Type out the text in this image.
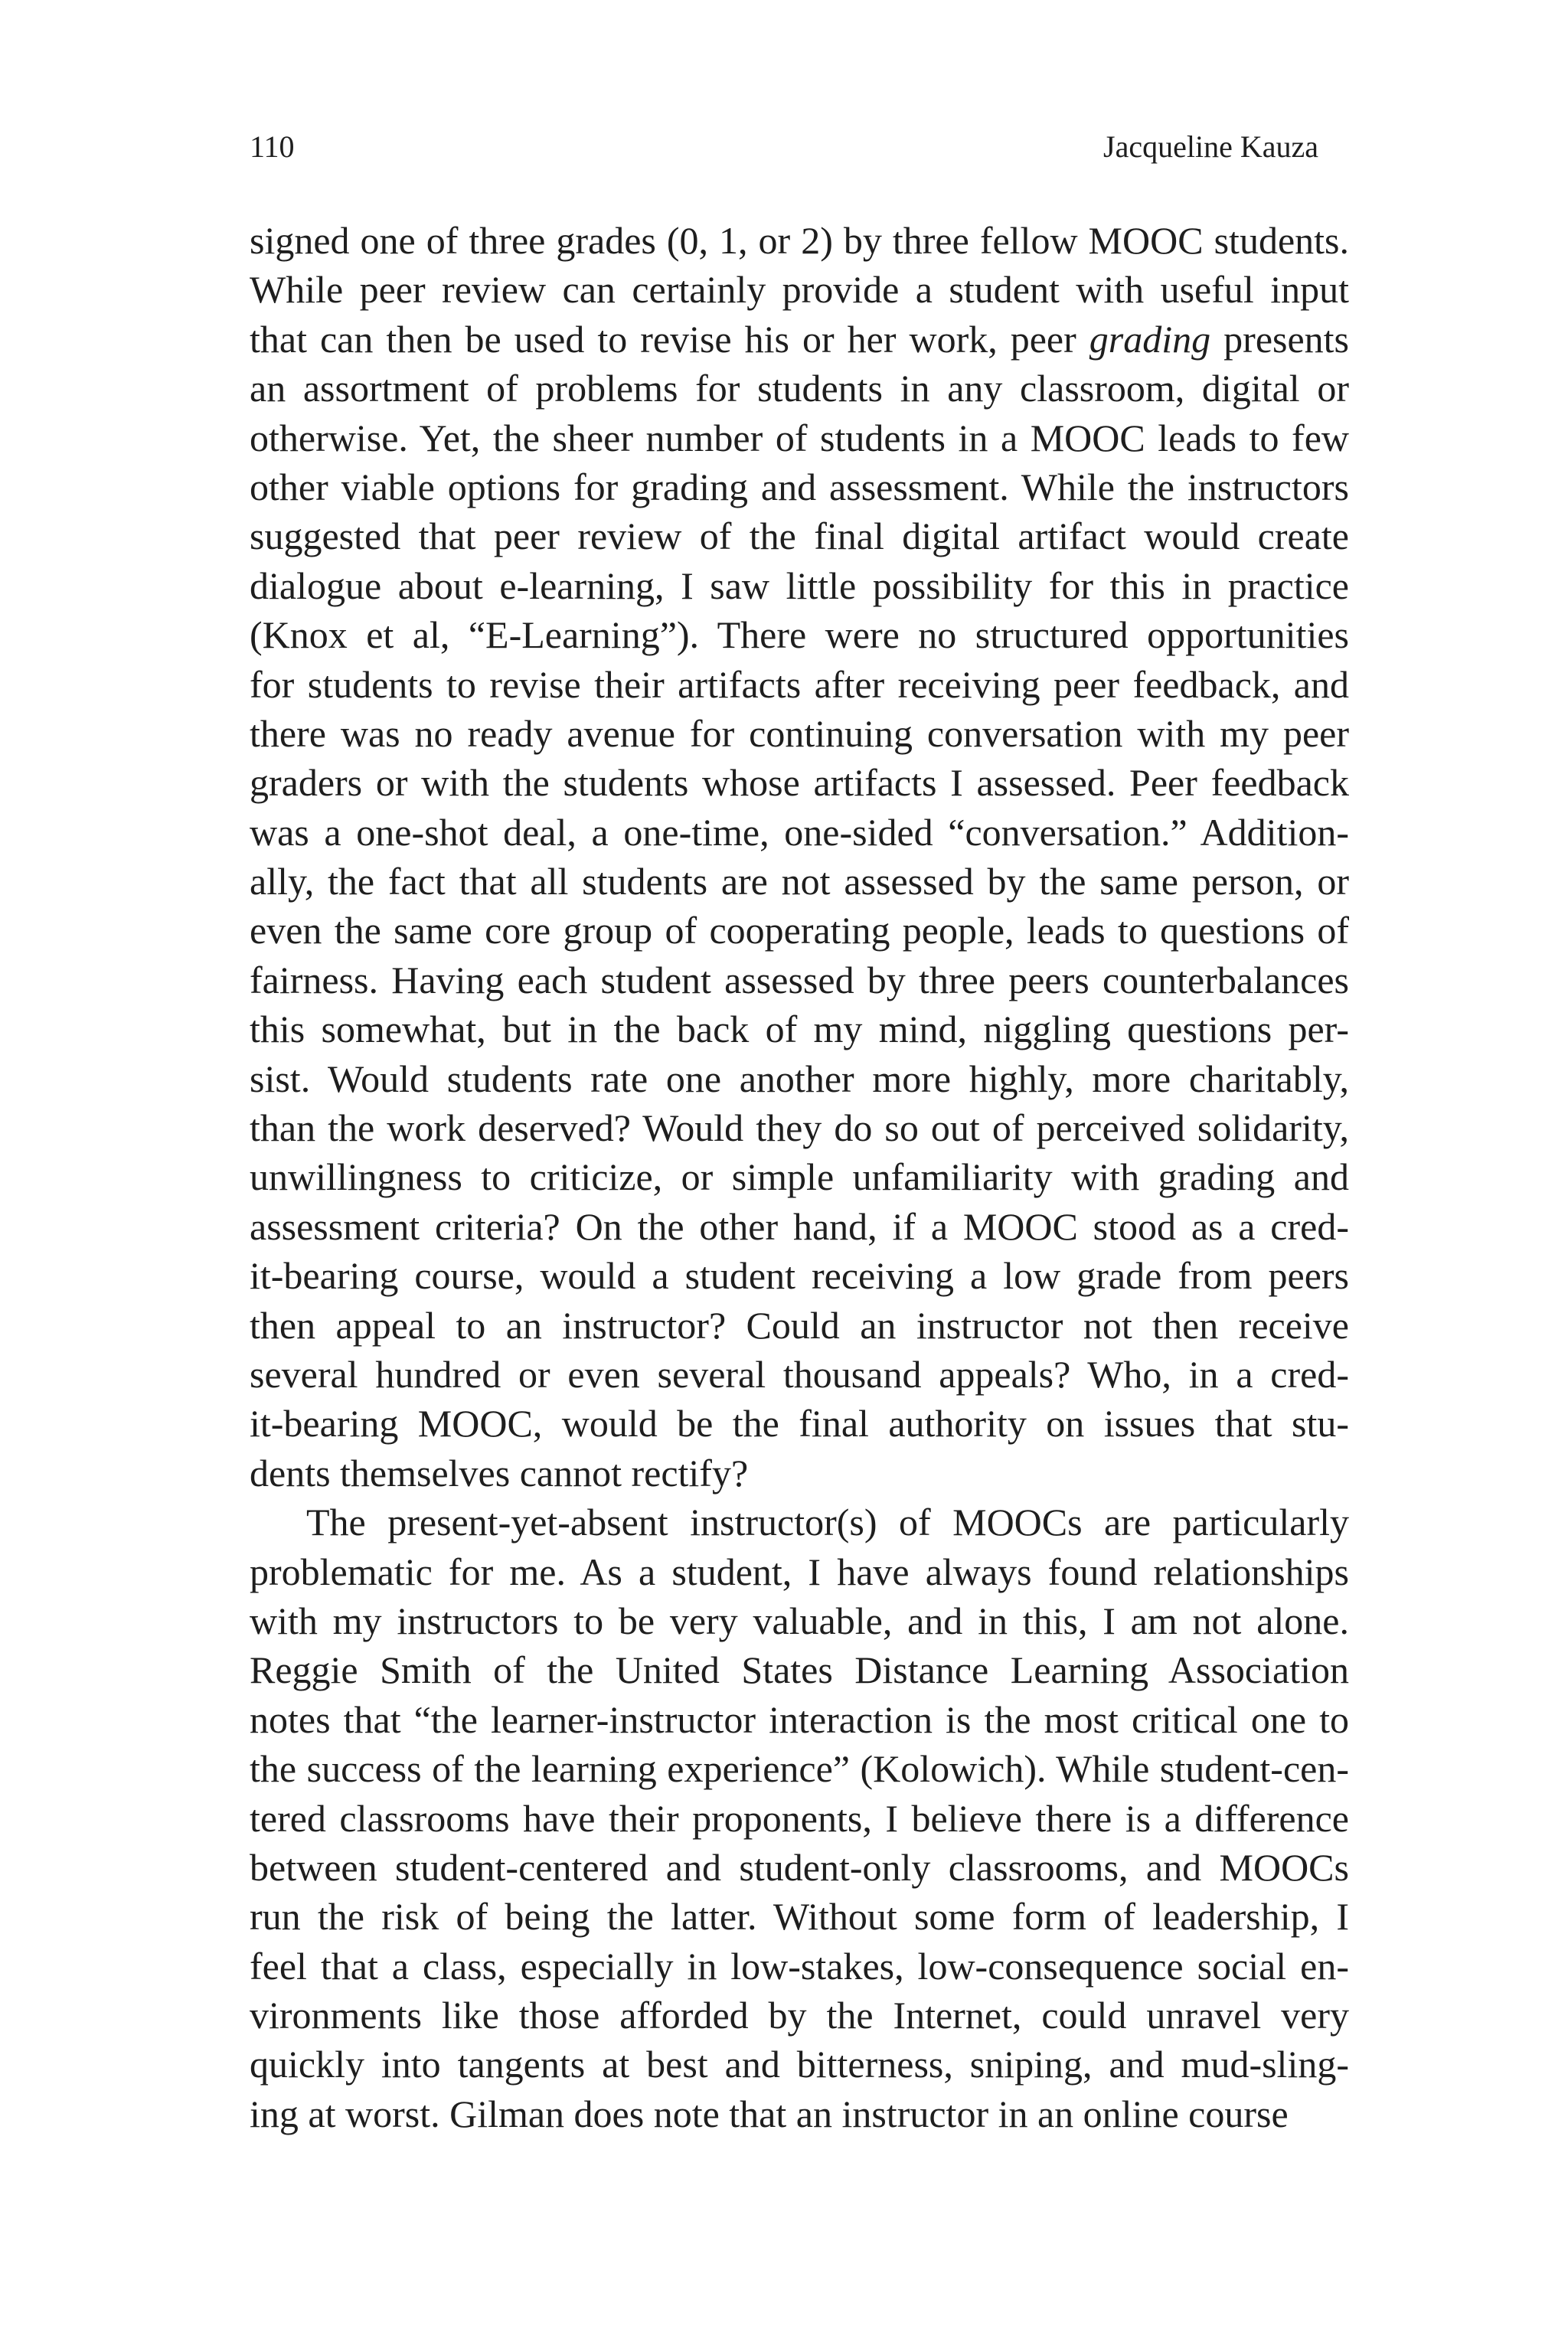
110	Jacqueline Kauza
signed one of three grades (0, 1, or 2) by three fellow MOOC students.
While peer review can certainly provide a student with useful input
that can then be used to revise his or her work, peer grading presents
an assortment of problems for students in any classroom, digital or
otherwise. Yet, the sheer number of students in a MOOC leads to few
other viable options for grading and assessment. While the instructors
suggested that peer review of the final digital artifact would create
dialogue about e-learning, I saw little possibility for this in practice
(Knox et al, “E-Learning”). There were no structured opportunities
for students to revise their artifacts after receiving peer feedback, and
there was no ready avenue for continuing conversation with my peer
graders or with the students whose artifacts I assessed. Peer feedback
was a one-shot deal, a one-time, one-sided “conversation.” Addition-
ally, the fact that all students are not assessed by the same person, or
even the same core group of cooperating people, leads to questions of
fairness. Having each student assessed by three peers counterbalances
this somewhat, but in the back of my mind, niggling questions per-
sist. Would students rate one another more highly, more charitably,
than the work deserved? Would they do so out of perceived solidarity,
unwillingness to criticize, or simple unfamiliarity with grading and
assessment criteria? On the other hand, if a MOOC stood as a cred-
it-bearing course, would a student receiving a low grade from peers
then appeal to an instructor? Could an instructor not then receive
several hundred or even several thousand appeals? Who, in a cred-
it-bearing MOOC, would be the final authority on issues that stu-
dents themselves cannot rectify?
The present-yet-absent instructor(s) of MOOCs are particularly
problematic for me. As a student, I have always found relationships
with my instructors to be very valuable, and in this, I am not alone.
Reggie Smith of the United States Distance Learning Association
notes that “the learner-instructor interaction is the most critical one to
the success of the learning experience” (Kolowich). While student-cen-
tered classrooms have their proponents, I believe there is a difference
between student-centered and student-only classrooms, and MOOCs
run the risk of being the latter. Without some form of leadership, I
feel that a class, especially in low-stakes, low-consequence social en-
vironments like those afforded by the Internet, could unravel very
quickly into tangents at best and bitterness, sniping, and mud-sling-
ing at worst. Gilman does note that an instructor in an online course
